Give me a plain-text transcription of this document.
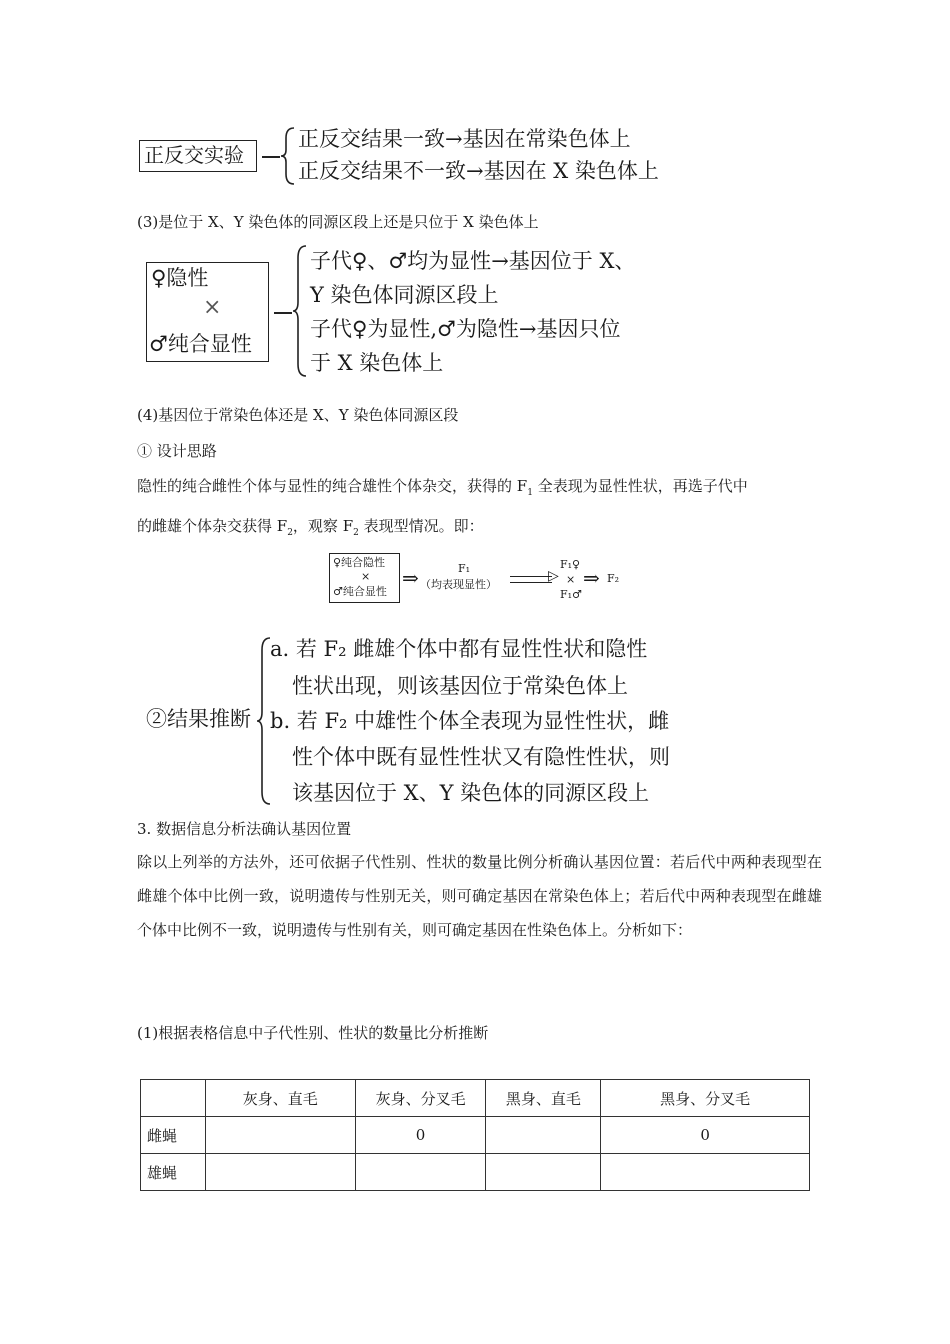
正反交实验
正反交结果一致→基因在常染色体上
正反交结果不一致→基因在 X 染色体上
(3)是位于 X、Y 染色体的同源区段上还是只位于 X 染色体上
♀隐性
×
♂纯合显性
子代♀、♂均为显性→基因位于 X、
Y 染色体同源区段上
子代♀为显性,♂为隐性→基因只位
于 X 染色体上
(4)基因位于常染色体还是 X、Y 染色体同源区段
① 设计思路
隐性的纯合雌性个体与显性的纯合雄性个体杂交，获得的 $F_1$ 全表现为显性性状，再选子代中
的雌雄个体杂交获得 $F_2$，观察 $F_2$ 表现型情况。即：
♀纯合隐性
×
♂纯合显性
⇒	F₁
（均表现显性）
▷
F₁♀
×
F₁♂
⇒ F₂
②结果推断
a. 若 F₂ 雌雄个体中都有显性性状和隐性
性状出现，则该基因位于常染色体上
b. 若 F₂ 中雄性个体全表现为显性性状，雌
性个体中既有显性性状又有隐性性状，则
该基因位于 X、Y 染色体的同源区段上
3. 数据信息分析法确认基因位置
除以上列举的方法外，还可依据子代性别、性状的数量比例分析确认基因位置：若后代中两种表现型在雌雄个体中比例一致，说明遗传与性别无关，则可确定基因在常染色体上；若后代中两种表现型在雌雄个体中比例不一致，说明遗传与性别有关，则可确定基因在性染色体上。分析如下：
(1)根据表格信息中子代性别、性状的数量比分析推断
	灰身、直毛	灰身、分叉毛	黑身、直毛	黑身、分叉毛
雌蝇		0		0
雄蝇				
